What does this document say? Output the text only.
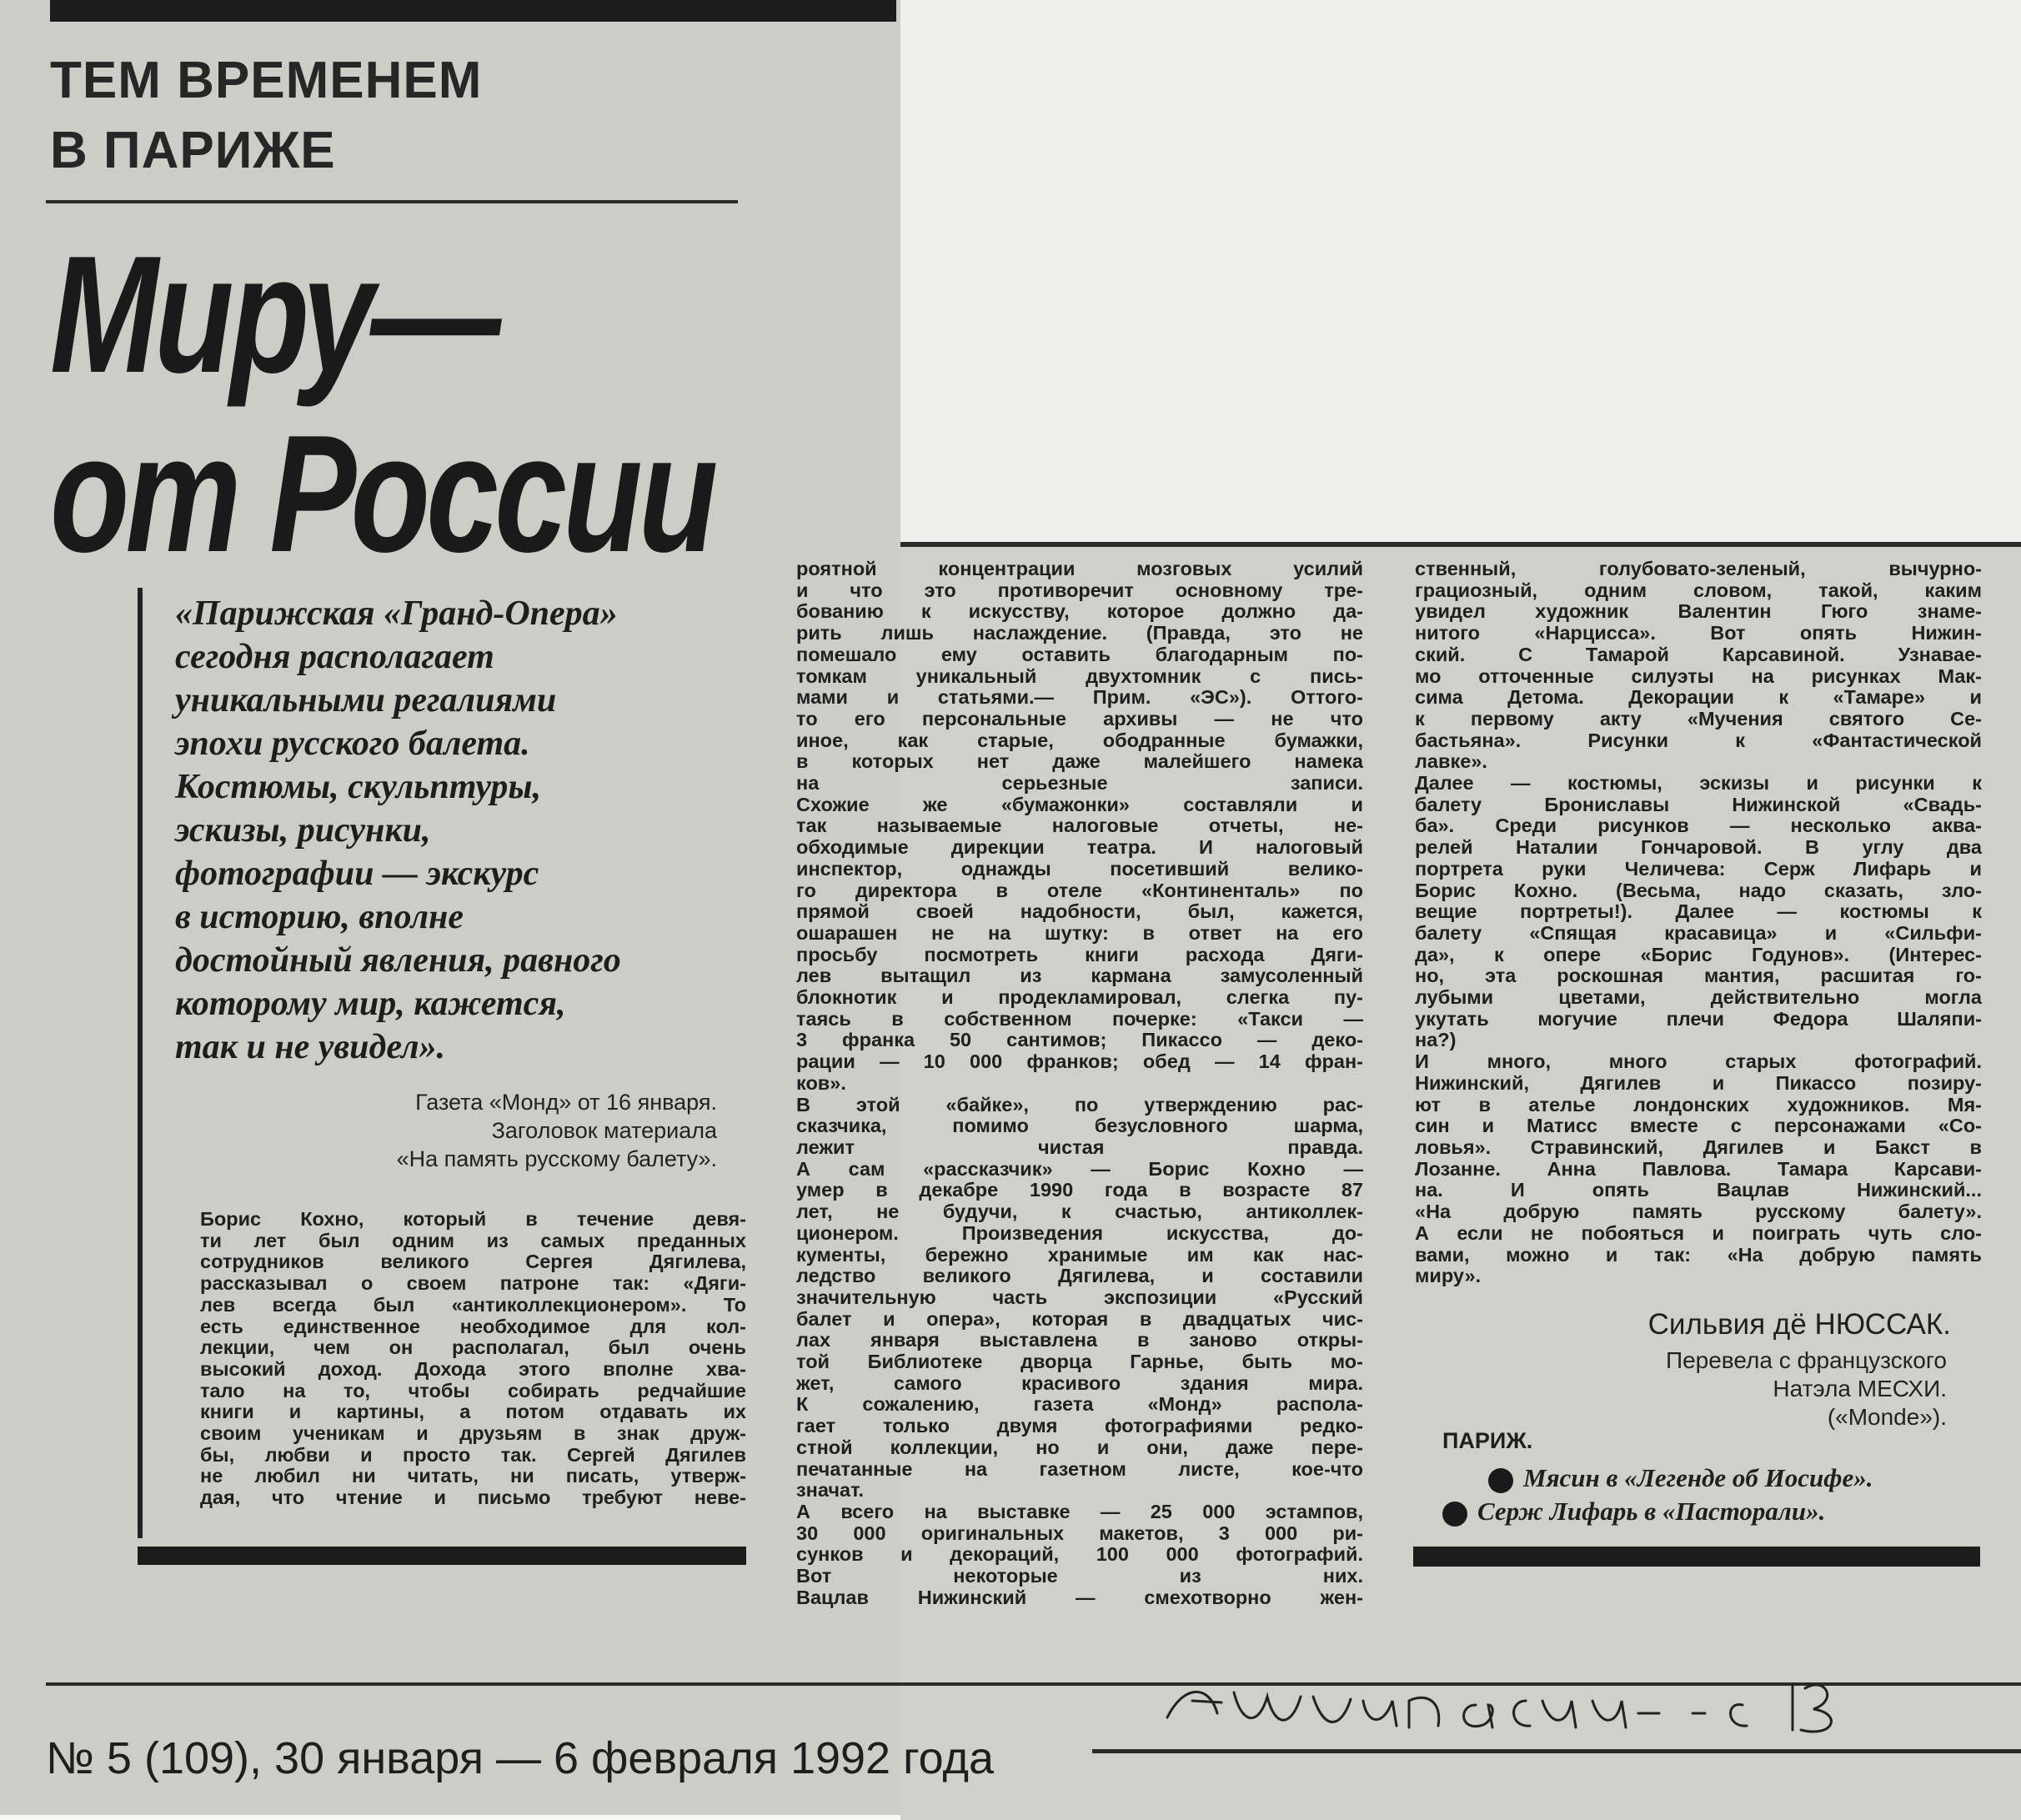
ТЕМ ВРЕМЕНЕМ
В ПАРИЖЕ
Миру—
от России
«Парижская «Гранд-Опера»
сегодня располагает
уникальными регалиями
эпохи русского балета.
Костюмы, скульптуры,
эскизы, рисунки,
фотографии — экскурс
в историю, вполне
достойный явления, равного
которому мир, кажется,
так и не увидел».
Газета «Монд» от 16 января.
Заголовок материала
«На память русскому балету».
Борис Кохно, который в течение девя-
ти лет был одним из самых преданных
сотрудников великого Сергея Дягилева,
рассказывал о своем патроне так: «Дяги-
лев всегда был «антиколлекционером». То
есть единственное необходимое для кол-
лекции, чем он располагал, был очень
высокий доход. Дохода этого вполне хва-
тало на то, чтобы собирать редчайшие
книги и картины, а потом отдавать их
своим ученикам и друзьям в знак друж-
бы, любви и просто так. Сергей Дягилев
не любил ни читать, ни писать, утверж-
дая, что чтение и письмо требуют неве-
роятной концентрации мозговых усилий
и что это противоречит основному тре-
бованию к искусству, которое должно да-
рить лишь наслаждение. (Правда, это не
помешало ему оставить благодарным по-
томкам уникальный двухтомник с пись-
мами и статьями.— Прим. «ЭС»). Оттого-
то его персональные архивы — не что
иное, как старые, ободранные бумажки,
в которых нет даже малейшего намека
на серьезные записи.
Схожие же «бумажонки» составляли и
так называемые налоговые отчеты, не-
обходимые дирекции театра. И налоговый
инспектор, однажды посетивший велико-
го директора в отеле «Континенталь» по
прямой своей надобности, был, кажется,
ошарашен не на шутку: в ответ на его
просьбу посмотреть книги расхода Дяги-
лев вытащил из кармана замусоленный
блокнотик и продекламировал, слегка пу-
таясь в собственном почерке: «Такси —
3 франка 50 сантимов; Пикассо — деко-
рации — 10 000 франков; обед — 14 фран-
ков».
В этой «байке», по утверждению рас-
сказчика, помимо безусловного шарма,
лежит чистая правда.
А сам «рассказчик» — Борис Кохно —
умер в декабре 1990 года в возрасте 87
лет, не будучи, к счастью, антиколлек-
ционером. Произведения искусства, до-
кументы, бережно хранимые им как нас-
ледство великого Дягилева, и составили
значительную часть экспозиции «Русский
балет и опера», которая в двадцатых чис-
лах января выставлена в заново откры-
той Библиотеке дворца Гарнье, быть мо-
жет, самого красивого здания мира.
К сожалению, газета «Монд» распола-
гает только двумя фотографиями редко-
стной коллекции, но и они, даже пере-
печатанные на газетном листе, кое-что
значат.
А всего на выставке — 25 000 эстампов,
30 000 оригинальных макетов, 3 000 ри-
сунков и декораций, 100 000 фотографий.
Вот некоторые из них.
Вацлав Нижинский — смехотворно жен-
ственный, голубовато-зеленый, вычурно-
грациозный, одним словом, такой, каким
увидел художник Валентин Гюго знаме-
нитого «Нарцисса». Вот опять Нижин-
ский. С Тамарой Карсавиной. Узнаваe-
мо отточенные силуэты на рисунках Мак-
сима Детома. Декорации к «Тамаре» и
к первому акту «Мучения святого Се-
бастьяна». Рисунки к «Фантастической
лавке».
Далее — костюмы, эскизы и рисунки к
балету Брониславы Нижинской «Свадь-
ба». Среди рисунков — несколько аква-
релей Наталии Гончаровой. В углу два
портрета руки Челичева: Серж Лифарь и
Борис Кохно. (Весьма, надо сказать, зло-
вещие портреты!). Далее — костюмы к
балету «Спящая красавица» и «Сильфи-
да», к опере «Борис Годунов». (Интерес-
но, эта роскошная мантия, расшитая го-
лубыми цветами, действительно могла
укутать могучие плечи Федора Шаляпи-
на?)
И много, много старых фотографий.
Нижинский, Дягилев и Пикассо позиру-
ют в ателье лондонских художников. Мя-
син и Матисс вместе с персонажами «Со-
ловья». Стравинский, Дягилев и Бакст в
Лозанне. Анна Павлова. Тамара Карсави-
на. И опять Вацлав Нижинский...
«На добрую память русскому балету».
А если не побояться и поиграть чуть сло-
вами, можно и так: «На добрую память
миру».
Сильвия дё НЮССАК.
Перевела с французского
Натэла МЕСХИ.
(«Monde»).
ПАРИЖ.
Мясин в «Легенде об Иосифе».
Серж Лифарь в «Пасторали».
№ 5 (109), 30 января — 6 февраля 1992 года
